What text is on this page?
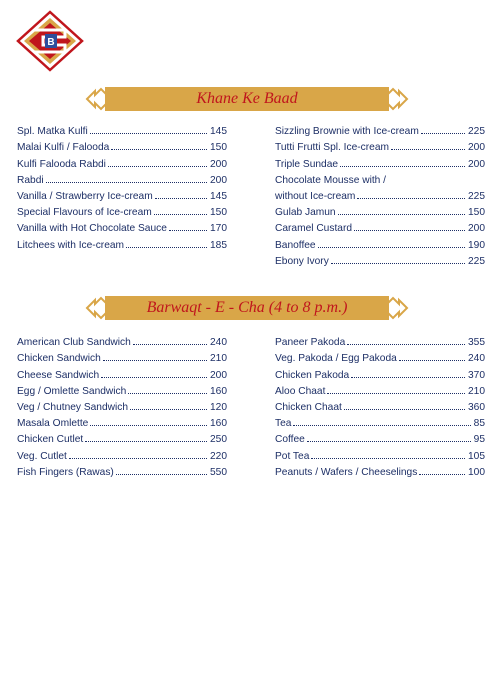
B
Khane Ke Baad
Spl. Matka Kulfi	145
Malai Kulfi / Falooda	150
Kulfi Falooda Rabdi	200
Rabdi	200
Vanilla / Strawberry Ice-cream	145
Special Flavours of Ice-cream	150
Vanilla with Hot Chocolate Sauce	170
Litchees with Ice-cream	185
Sizzling Brownie with Ice-cream	225
Tutti Frutti Spl. Ice-cream	200
Triple Sundae	200
Chocolate Mousse with /
without Ice-cream	225
Gulab Jamun	150
Caramel Custard	200
Banoffee	190
Ebony Ivory	225
Barwaqt - E - Cha (4 to 8 p.m.)
American Club Sandwich	240
Chicken Sandwich	210
Cheese Sandwich	200
Egg / Omlette Sandwich	160
Veg / Chutney Sandwich	120
Masala Omlette	160
Chicken Cutlet	250
Veg. Cutlet	220
Fish Fingers (Rawas)	550
Paneer Pakoda	355
Veg. Pakoda / Egg Pakoda	240
Chicken Pakoda	370
Aloo Chaat	210
Chicken Chaat	360
Tea	85
Coffee	95
Pot Tea	105
Peanuts / Wafers / Cheeselings	100
